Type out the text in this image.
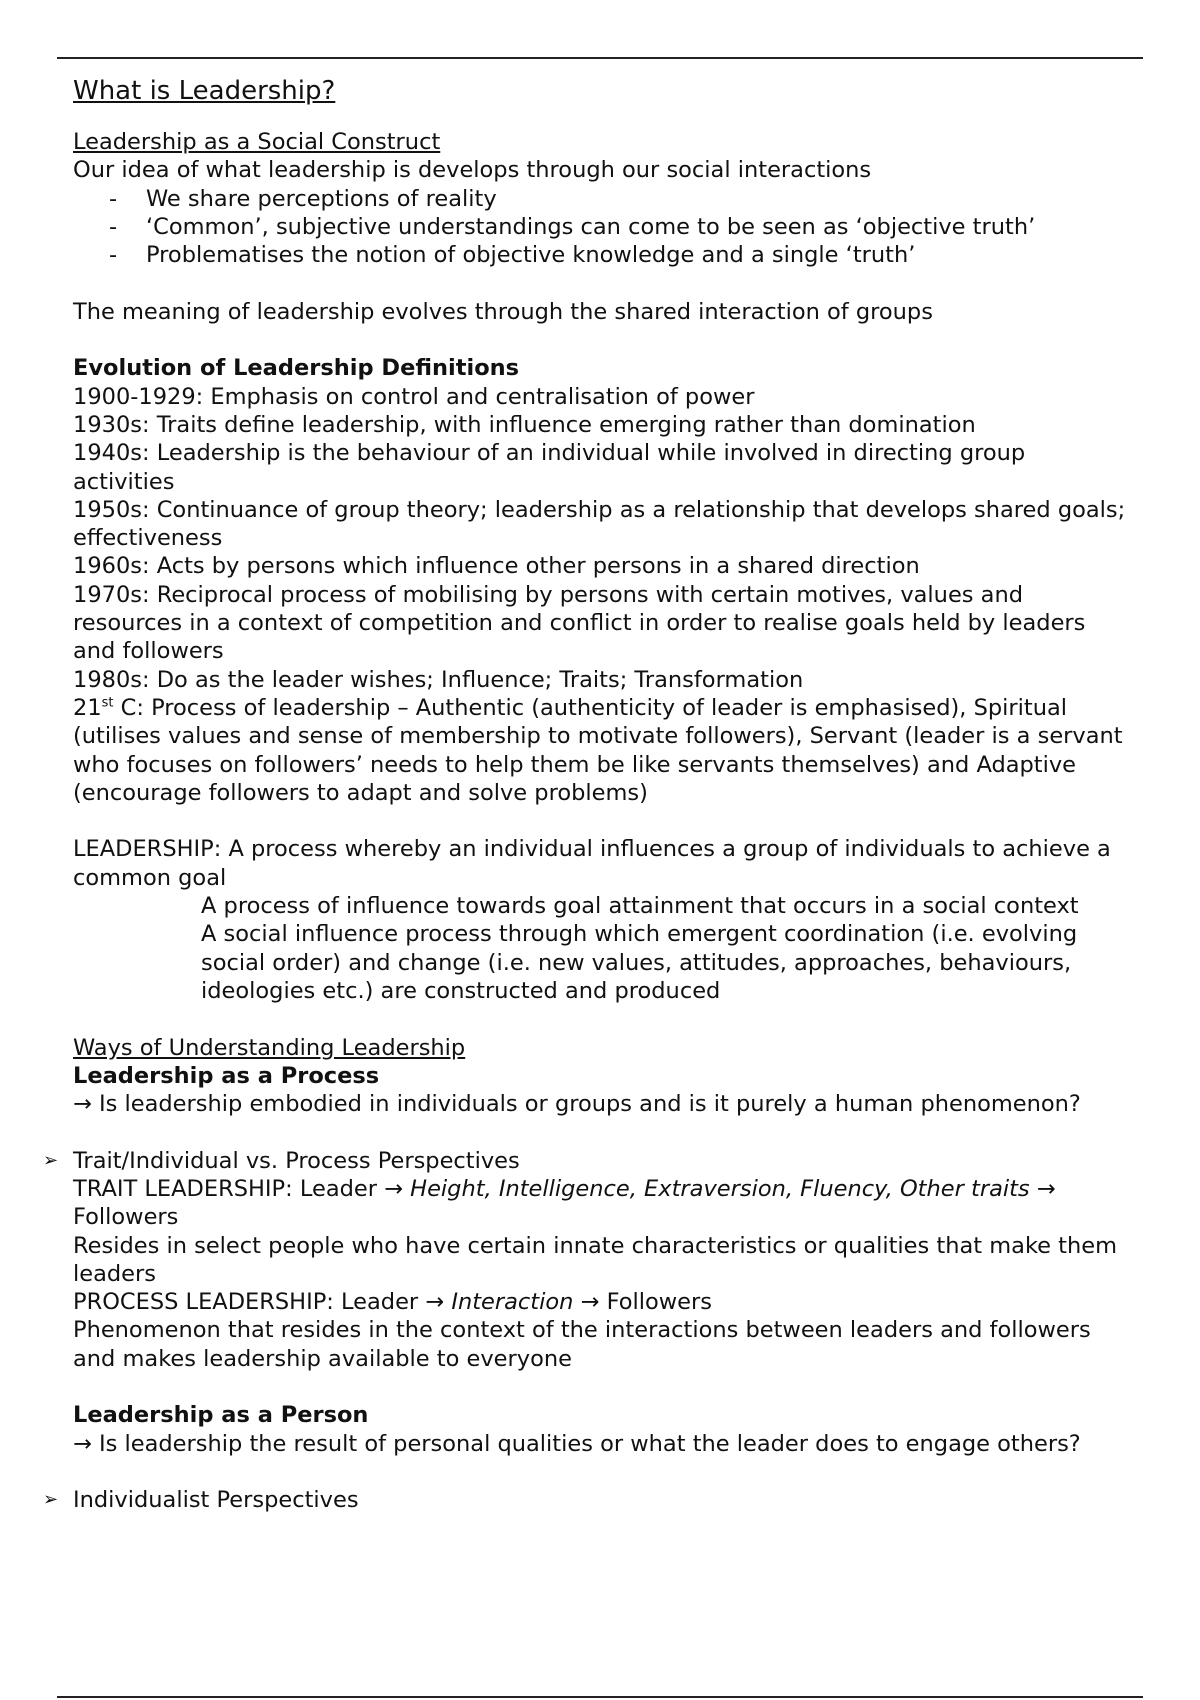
What is Leadership?

Leadership as a Social Construct

Our idea of what leadership is develops through our social interactions

- We share perceptions of reality
- ‘Common’, subjective understandings can come to be seen as ‘objective truth’
- Problematises the notion of objective knowledge and a single ‘truth’

The meaning of leadership evolves through the shared interaction of groups

Evolution of Leadership Definitions

1900-1929: Emphasis on control and centralisation of power

1930s: Traits define leadership, with influence emerging rather than domination

1940s: Leadership is the behaviour of an individual while involved in directing group activities

1950s: Continuance of group theory; leadership as a relationship that develops shared goals; effectiveness

1960s: Acts by persons which influence other persons in a shared direction

1970s: Reciprocal process of mobilising by persons with certain motives, values and resources in a context of competition and conflict in order to realise goals held by leaders and followers

1980s: Do as the leader wishes; Influence; Traits; Transformation

21st C: Process of leadership – Authentic (authenticity of leader is emphasised), Spiritual (utilises values and sense of membership to motivate followers), Servant (leader is a servant who focuses on followers’ needs to help them be like servants themselves) and Adaptive (encourage followers to adapt and solve problems)

LEADERSHIP: A process whereby an individual influences a group of individuals to achieve a common goal

A process of influence towards goal attainment that occurs in a social context

A social influence process through which emergent coordination (i.e. evolving social order) and change (i.e. new values, attitudes, approaches, behaviours, ideologies etc.) are constructed and produced

Ways of Understanding Leadership

Leadership as a Process

→ Is leadership embodied in individuals or groups and is it purely a human phenomenon?

➢ Trait/Individual vs. Process Perspectives

TRAIT LEADERSHIP: Leader → Height, Intelligence, Extraversion, Fluency, Other traits → Followers

Resides in select people who have certain innate characteristics or qualities that make them leaders

PROCESS LEADERSHIP: Leader → Interaction → Followers

Phenomenon that resides in the context of the interactions between leaders and followers and makes leadership available to everyone

Leadership as a Person

→ Is leadership the result of personal qualities or what the leader does to engage others?

➢ Individualist Perspectives
